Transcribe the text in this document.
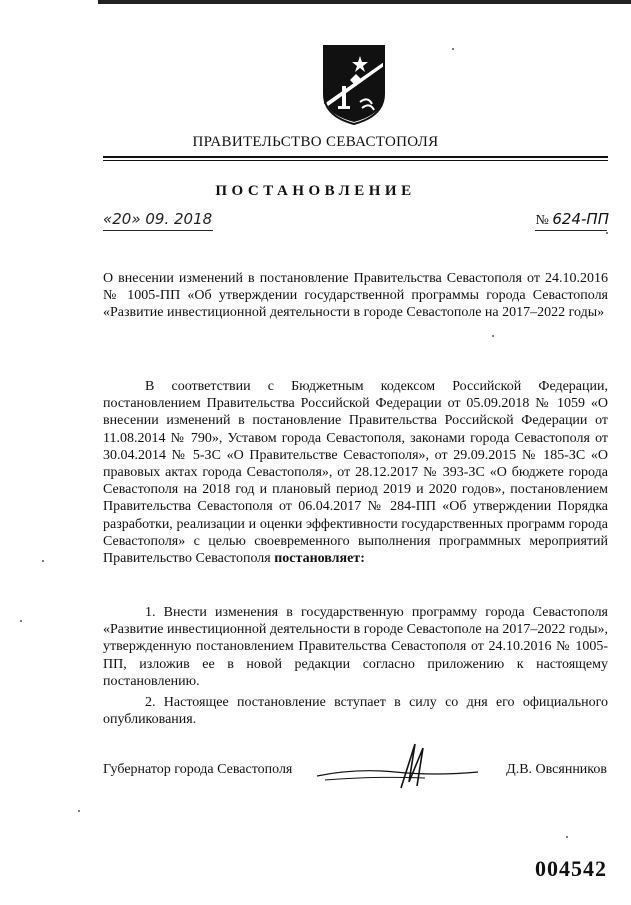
ПРАВИТЕЛЬСТВО СЕВАСТОПОЛЯ
ПОСТАНОВЛЕНИЕ
«20» 09. 2018	№ 624-ПП
О внесении изменений в постановление Правительства Севастополя от 24.10.2016 № 1005-ПП «Об утверждении государственной программы города Севастополя «Развитие инвестиционной деятельности в городе Севастополе на 2017–2022 годы»
В соответствии с Бюджетным кодексом Российской Федерации, постановлением Правительства Российской Федерации от 05.09.2018 № 1059 «О внесении изменений в постановление Правительства Российской Федерации от 11.08.2014 № 790», Уставом города Севастополя, законами города Севастополя от 30.04.2014 № 5-ЗС «О Правительстве Севастополя», от 29.09.2015 № 185-ЗС «О правовых актах города Севастополя», от 28.12.2017 № 393-ЗС «О бюджете города Севастополя на 2018 год и плановый период 2019 и 2020 годов», постановлением Правительства Севастополя от 06.04.2017 № 284-ПП «Об утверждении Порядка разработки, реализации и оценки эффективности государственных программ города Севастополя» с целью своевременного выполнения программных мероприятий Правительство Севастополя постановляет:
1. Внести изменения в государственную программу города Севастополя «Развитие инвестиционной деятельности в городе Севастополе на 2017–2022 годы», утвержденную постановлением Правительства Севастополя от 24.10.2016 № 1005-ПП, изложив ее в новой редакции согласно приложению к настоящему постановлению.
2. Настоящее постановление вступает в силу со дня его официального опубликования.
Губернатор города Севастополя	Д.В. Овсянников
004542
